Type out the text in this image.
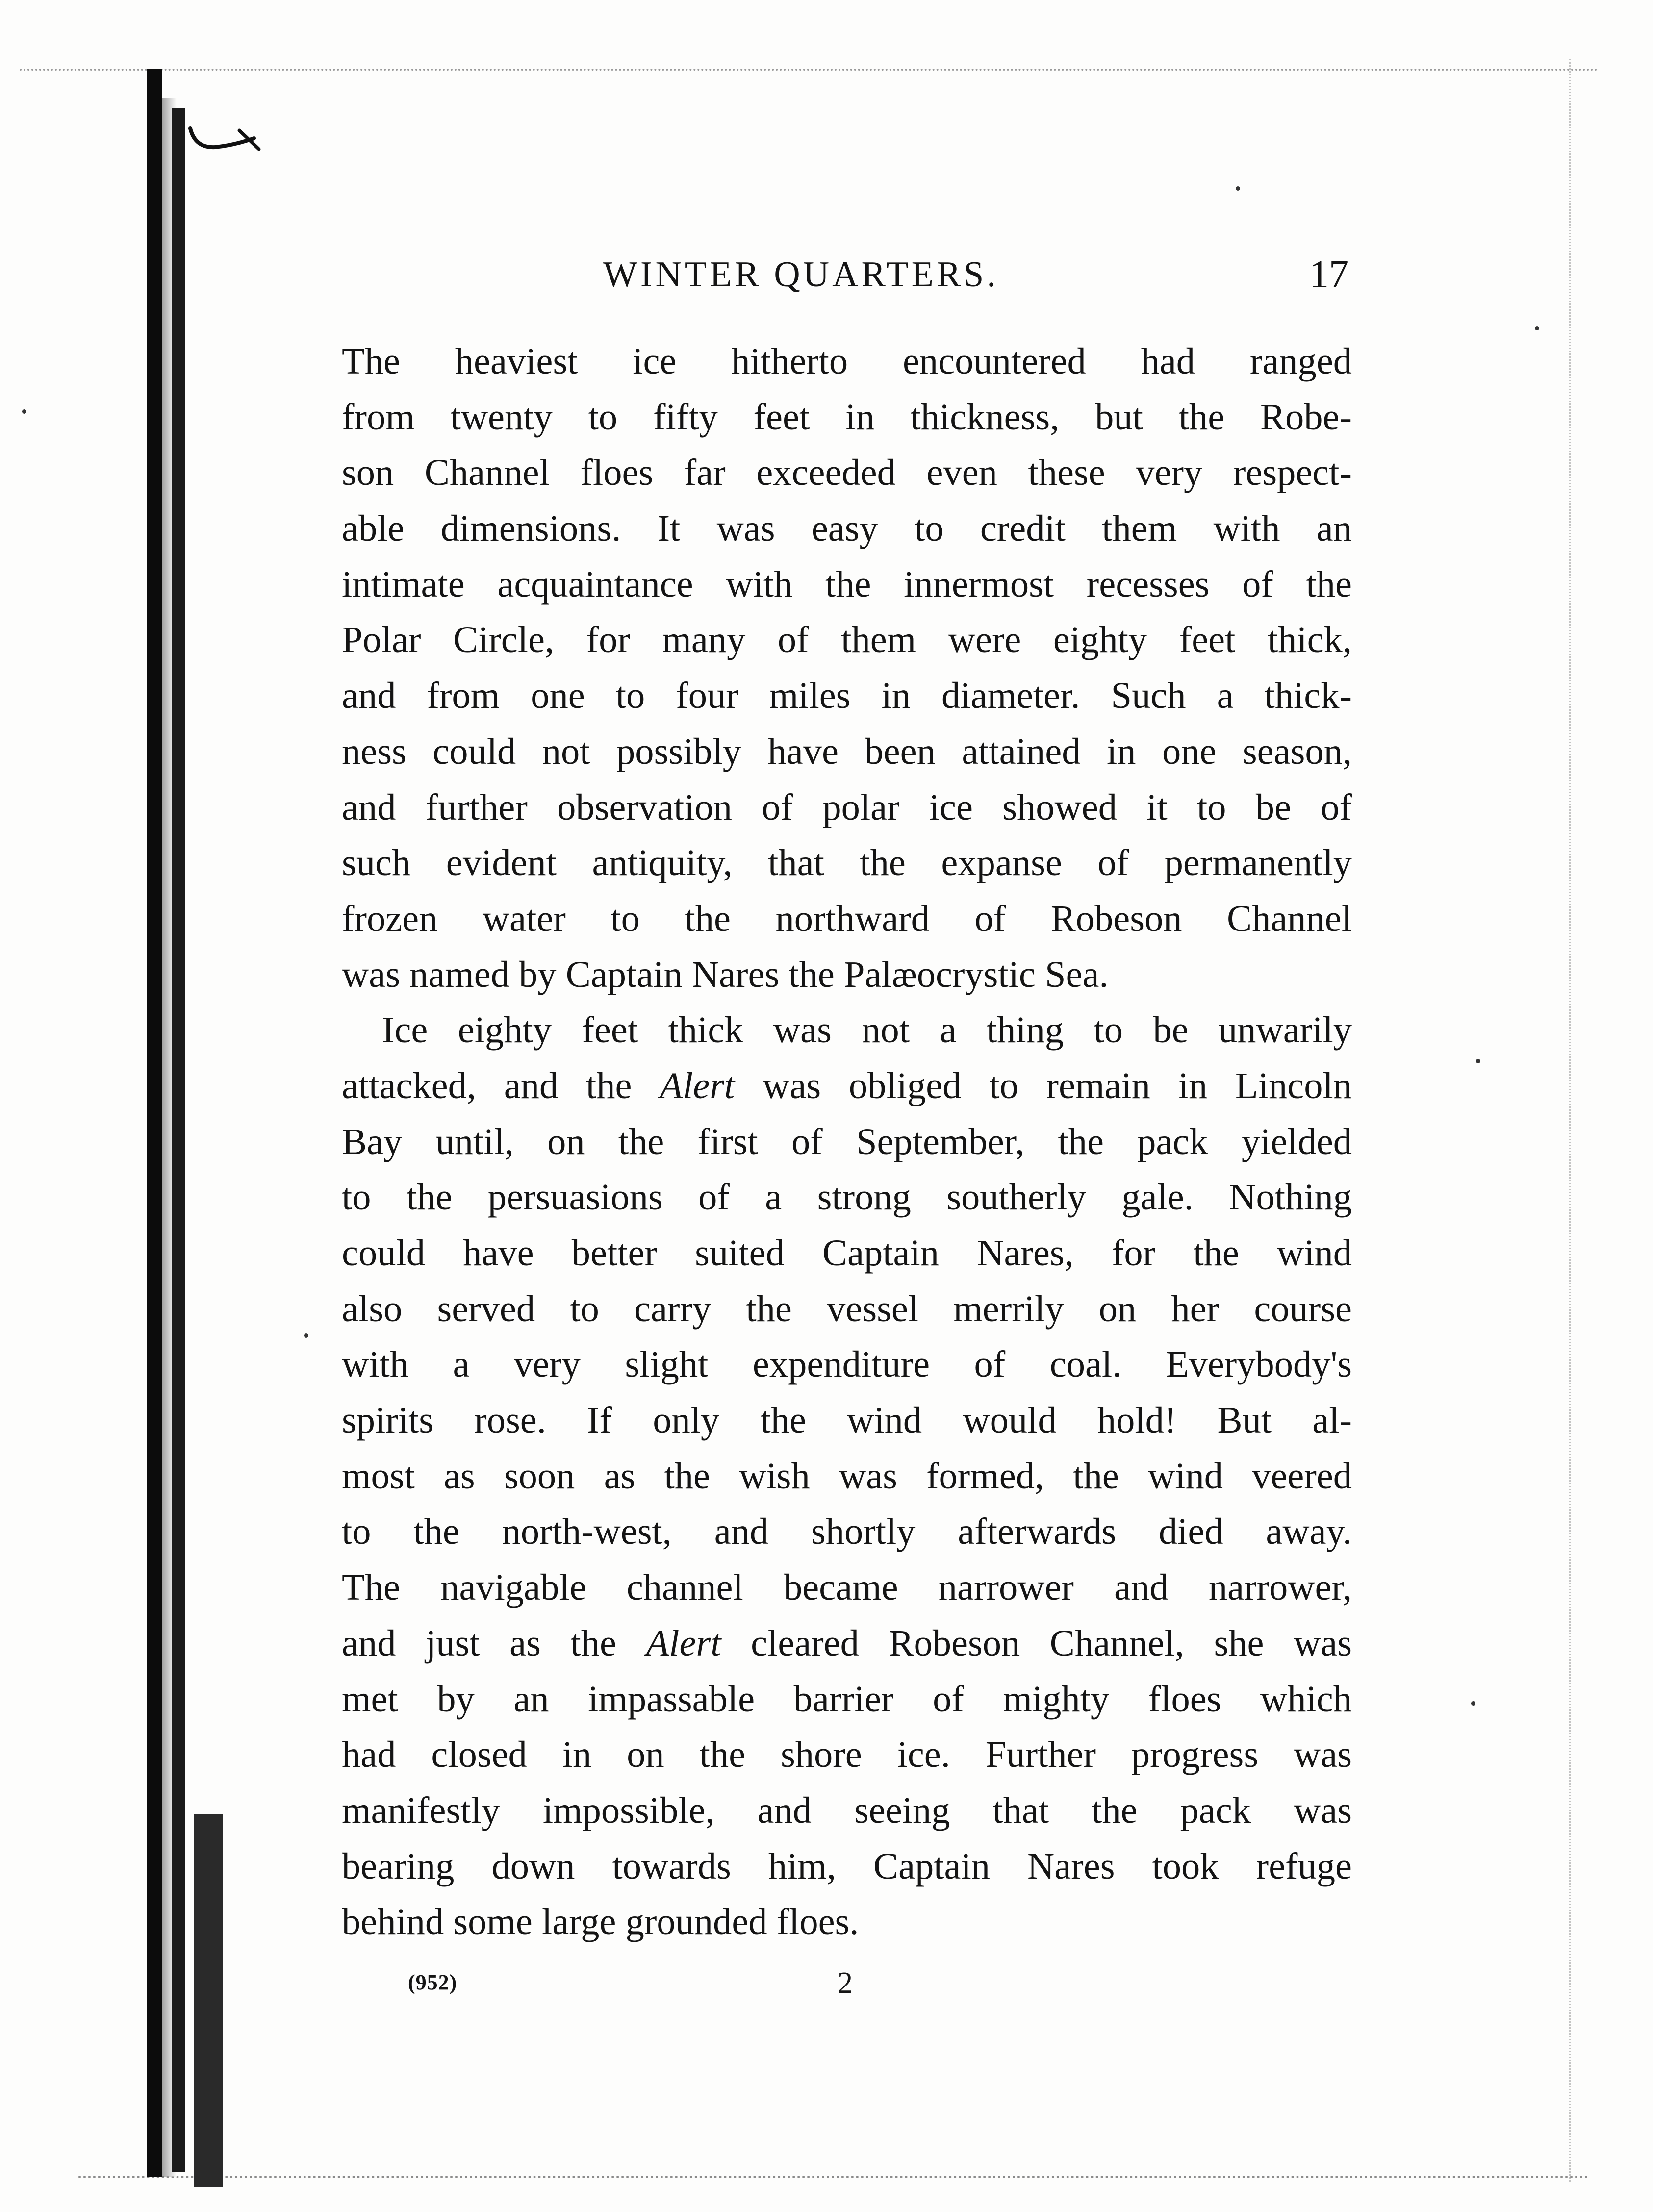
WINTER QUARTERS.	17
The heaviest ice hitherto encountered had ranged
from twenty to fifty feet in thickness, but the Robe-
son Channel floes far exceeded even these very respect-
able dimensions. It was easy to credit them with an
intimate acquaintance with the innermost recesses of the
Polar Circle, for many of them were eighty feet thick,
and from one to four miles in diameter. Such a thick-
ness could not possibly have been attained in one season,
and further observation of polar ice showed it to be of
such evident antiquity, that the expanse of permanently
frozen water to the northward of Robeson Channel
was named by Captain Nares the Palæocrystic Sea.
Ice eighty feet thick was not a thing to be unwarily
attacked, and the Alert was obliged to remain in Lincoln
Bay until, on the first of September, the pack yielded
to the persuasions of a strong southerly gale. Nothing
could have better suited Captain Nares, for the wind
also served to carry the vessel merrily on her course
with a very slight expenditure of coal. Everybody's
spirits rose. If only the wind would hold! But al-
most as soon as the wish was formed, the wind veered
to the north-west, and shortly afterwards died away.
The navigable channel became narrower and narrower,
and just as the Alert cleared Robeson Channel, she was
met by an impassable barrier of mighty floes which
had closed in on the shore ice. Further progress was
manifestly impossible, and seeing that the pack was
bearing down towards him, Captain Nares took refuge
behind some large grounded floes.
(952)	2
